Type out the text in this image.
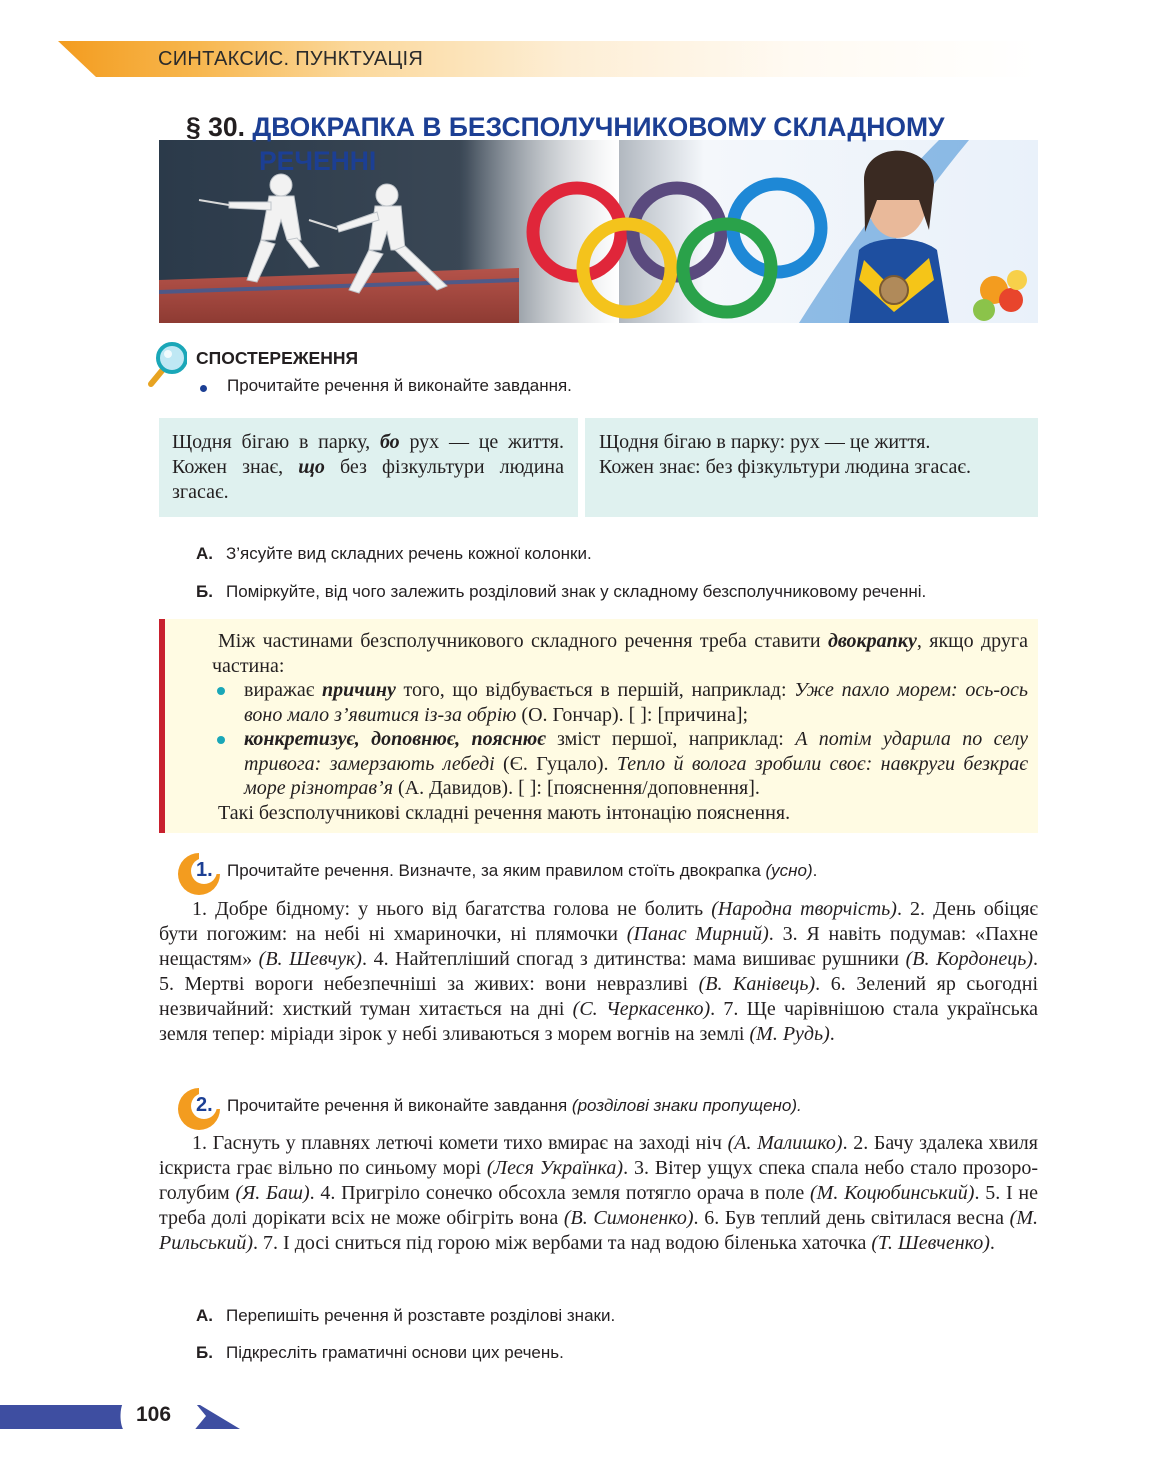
СИНТАКСИС. ПУНКТУАЦІЯ
§ 30. ДВОКРАПКА В БЕЗСПОЛУЧНИКОВОМУ СКЛАДНОМУ
РЕЧЕННІ
СПОСТЕРЕЖЕННЯ
Прочитайте речення й виконайте завдання.
Щодня бігаю в парку, бо рух — це життя. Кожен знає, що без фізкультури людина згасає.
Щодня бігаю в парку: рух — це життя.
Кожен знає: без фізкультури людина згасає.
А. З’ясуйте вид складних речень кожної колонки.
Б. Поміркуйте, від чого залежить розділовий знак у складному безсполучниковому реченні.

Між частинами безсполучникового складного речення треба ставити двокрапку, якщо друга частина:

виражає причину того, що відбувається в першій, наприклад: Уже пахло морем: ось-ось воно мало з’явитися із-за обрію (О. Гончар). [ ]: [причина];

конкретизує, доповнює, пояснює зміст першої, наприклад: А потім ударила по селу тривога: замерзають лебеді (Є. Гуцало). Тепло й волога зробили своє: навкруги безкрає море різнотрав’я (А. Давидов). [ ]: [пояснення/доповнення].

Такі безсполучникові складні речення мають інтонацію пояснення.

1. Прочитайте речення. Визначте, за яким правилом стоїть двокрапка (усно).
1. Добре бідному: у нього від багатства голова не болить (Народна творчість). 2. День обіцяє бути погожим: на небі ні хмариночки, ні плямочки (Панас Мирний). 3. Я навіть подумав: «Пахне нещастям» (В. Шевчук). 4. Найтепліший спогад з дитинства: мама вишиває рушники (В. Кордонець). 5. Мертві вороги небезпечніші за живих: вони невразливі (В. Канівець). 6. Зелений яр сьогодні незвичайний: хисткий туман хитається на дні (С. Черкасенко). 7. Ще чарівнішою стала українська земля тепер: міріади зірок у небі зливаються з морем вогнів на землі (М. Рудь).
2. Прочитайте речення й виконайте завдання (розділові знаки пропущено).
1. Гаснуть у плавнях летючі комети тихо вмирає на заході ніч (А. Малишко). 2. Бачу здалека хвиля іскриста грає вільно по синьому морі (Леся Українка). 3. Вітер ущух спека спала небо стало прозоро-голубим (Я. Баш). 4. Пригріло сонечко обсохла земля потягло орача в поле (М. Коцюбинський). 5. І не треба долі дорікати всіх не може обігріть вона (В. Симоненко). 6. Був теплий день світилася весна (М. Рильський). 7. І досі сниться під горою між вербами та над водою біленька хаточка (Т. Шевченко).
А. Перепишіть речення й розставте розділові знаки.
Б. Підкресліть граматичні основи цих речень.
106
